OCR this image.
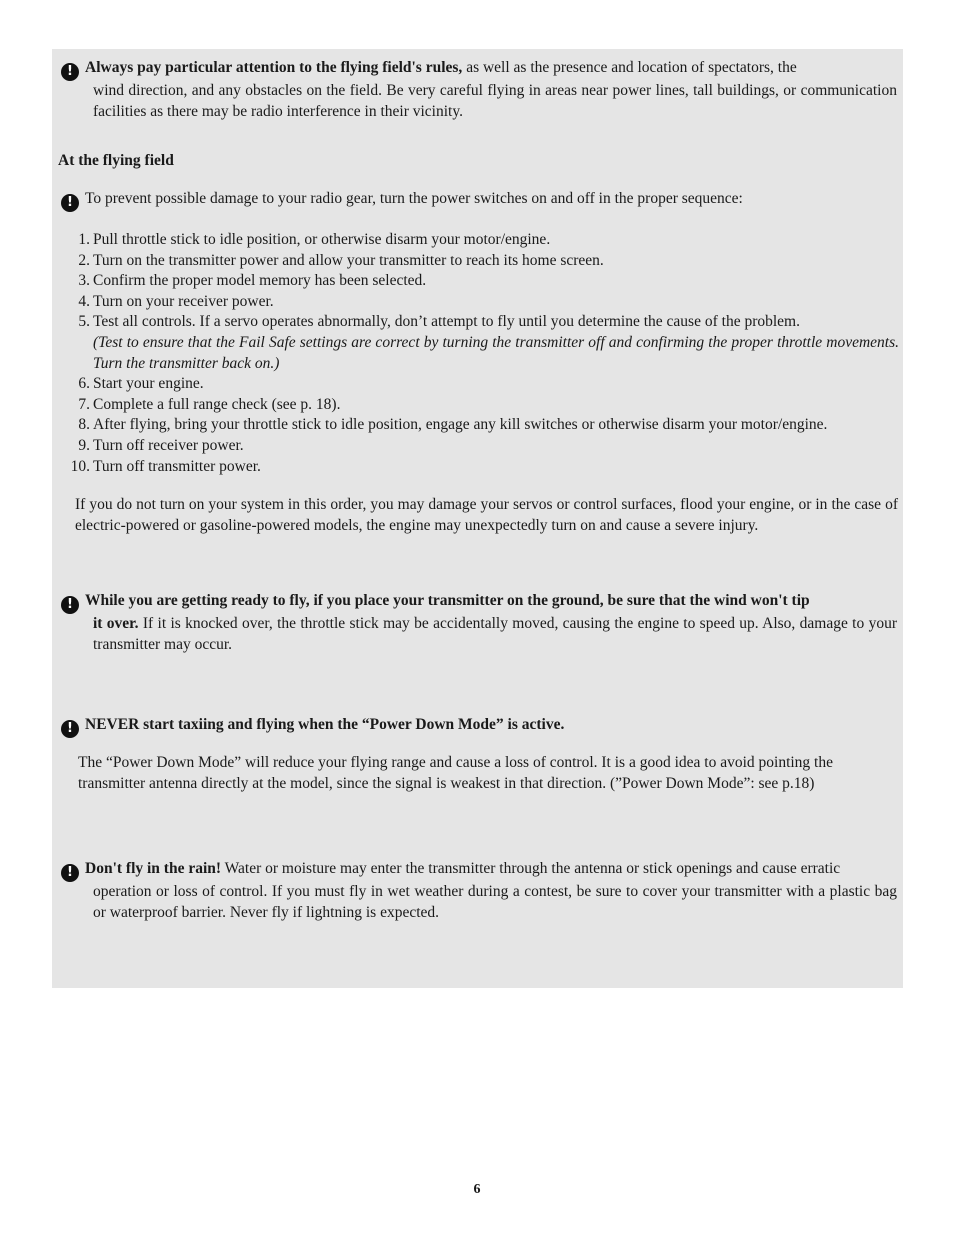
! Always pay particular attention to the flying field's rules, as well as the presence and location of spectators, the
wind direction, and any obstacles on the field. Be very careful flying in areas near power lines, tall buildings, or communication facilities as there may be radio interference in their vicinity.
At the flying field
! To prevent possible damage to your radio gear, turn the power switches on and off in the proper sequence:
1. Pull throttle stick to idle position, or otherwise disarm your motor/engine.
2. Turn on the transmitter power and allow your transmitter to reach its home screen.
3. Confirm the proper model memory has been selected.
4. Turn on your receiver power.
5. Test all controls. If a servo operates abnormally, don’t attempt to fly until you determine the cause of the problem.
(Test to ensure that the Fail Safe settings are correct by turning the transmitter off and confirming the proper throttle movements. Turn the transmitter back on.)
6. Start your engine.
7. Complete a full range check (see p. 18).
8. After flying, bring your throttle stick to idle position, engage any kill switches or otherwise disarm your motor/engine.
9. Turn off receiver power.
10. Turn off transmitter power.
If you do not turn on your system in this order, you may damage your servos or control surfaces, flood your engine, or in the case of electric-powered or gasoline-powered models, the engine may unexpectedly turn on and cause a severe injury.
! While you are getting ready to fly, if you place your transmitter on the ground, be sure that the wind won't tip
it over. If it is knocked over, the throttle stick may be accidentally moved, causing the engine to speed up. Also, damage to your transmitter may occur.
! NEVER start taxiing and flying when the “Power Down Mode” is active.
The “Power Down Mode” will reduce your flying range and cause a loss of control. It is a good idea to avoid pointing the transmitter antenna directly at the model, since the signal is weakest in that direction. (”Power Down Mode”: see p.18)
! Don't fly in the rain! Water or moisture may enter the transmitter through the antenna or stick openings and cause erratic
operation or loss of control. If you must fly in wet weather during a contest, be sure to cover your transmitter with a plastic bag or waterproof barrier. Never fly if lightning is expected.
6
